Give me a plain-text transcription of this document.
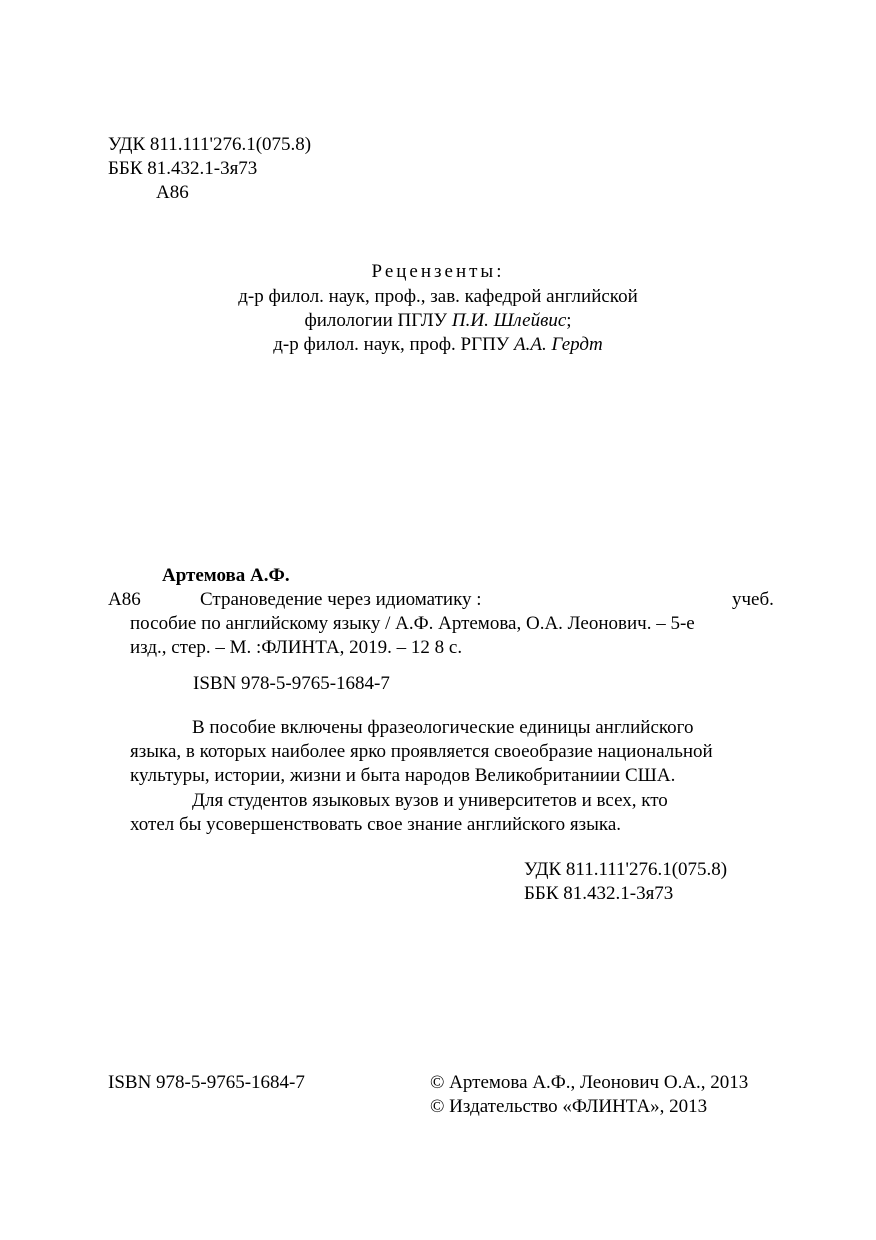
УДК 811.111'276.1(075.8)
ББК 81.432.1-3я73
А86
Рецензенты:
д-р филол. наук, проф., зав. кафедрой английской
филологии ПГЛУ П.И. Шлейвис;
д-р филол. наук, проф. РГПУ А.А. Гердт
Артемова А.Ф.
А86	Страноведение через идиоматику :	учеб.
пособие по английскому языку / А.Ф. Артемова, О.А. Леонович. – 5-е
изд., стер. – М. :ФЛИНТА, 2019. – 12 8 с.
ISBN 978-5-9765-1684-7
В пособие включены фразеологические единицы английского
языка, в которых наиболее ярко проявляется своеобразие национальной
культуры, истории, жизни и быта народов Великобританиии США.
Для студентов языковых вузов и университетов и всех, кто
хотел бы усовершенствовать свое знание английского языка.
УДК 811.111'276.1(075.8)
ББК 81.432.1-3я73
ISBN 978-5-9765-1684-7	© Артемова А.Ф., Леонович О.А., 2013
© Издательство «ФЛИНТА», 2013
